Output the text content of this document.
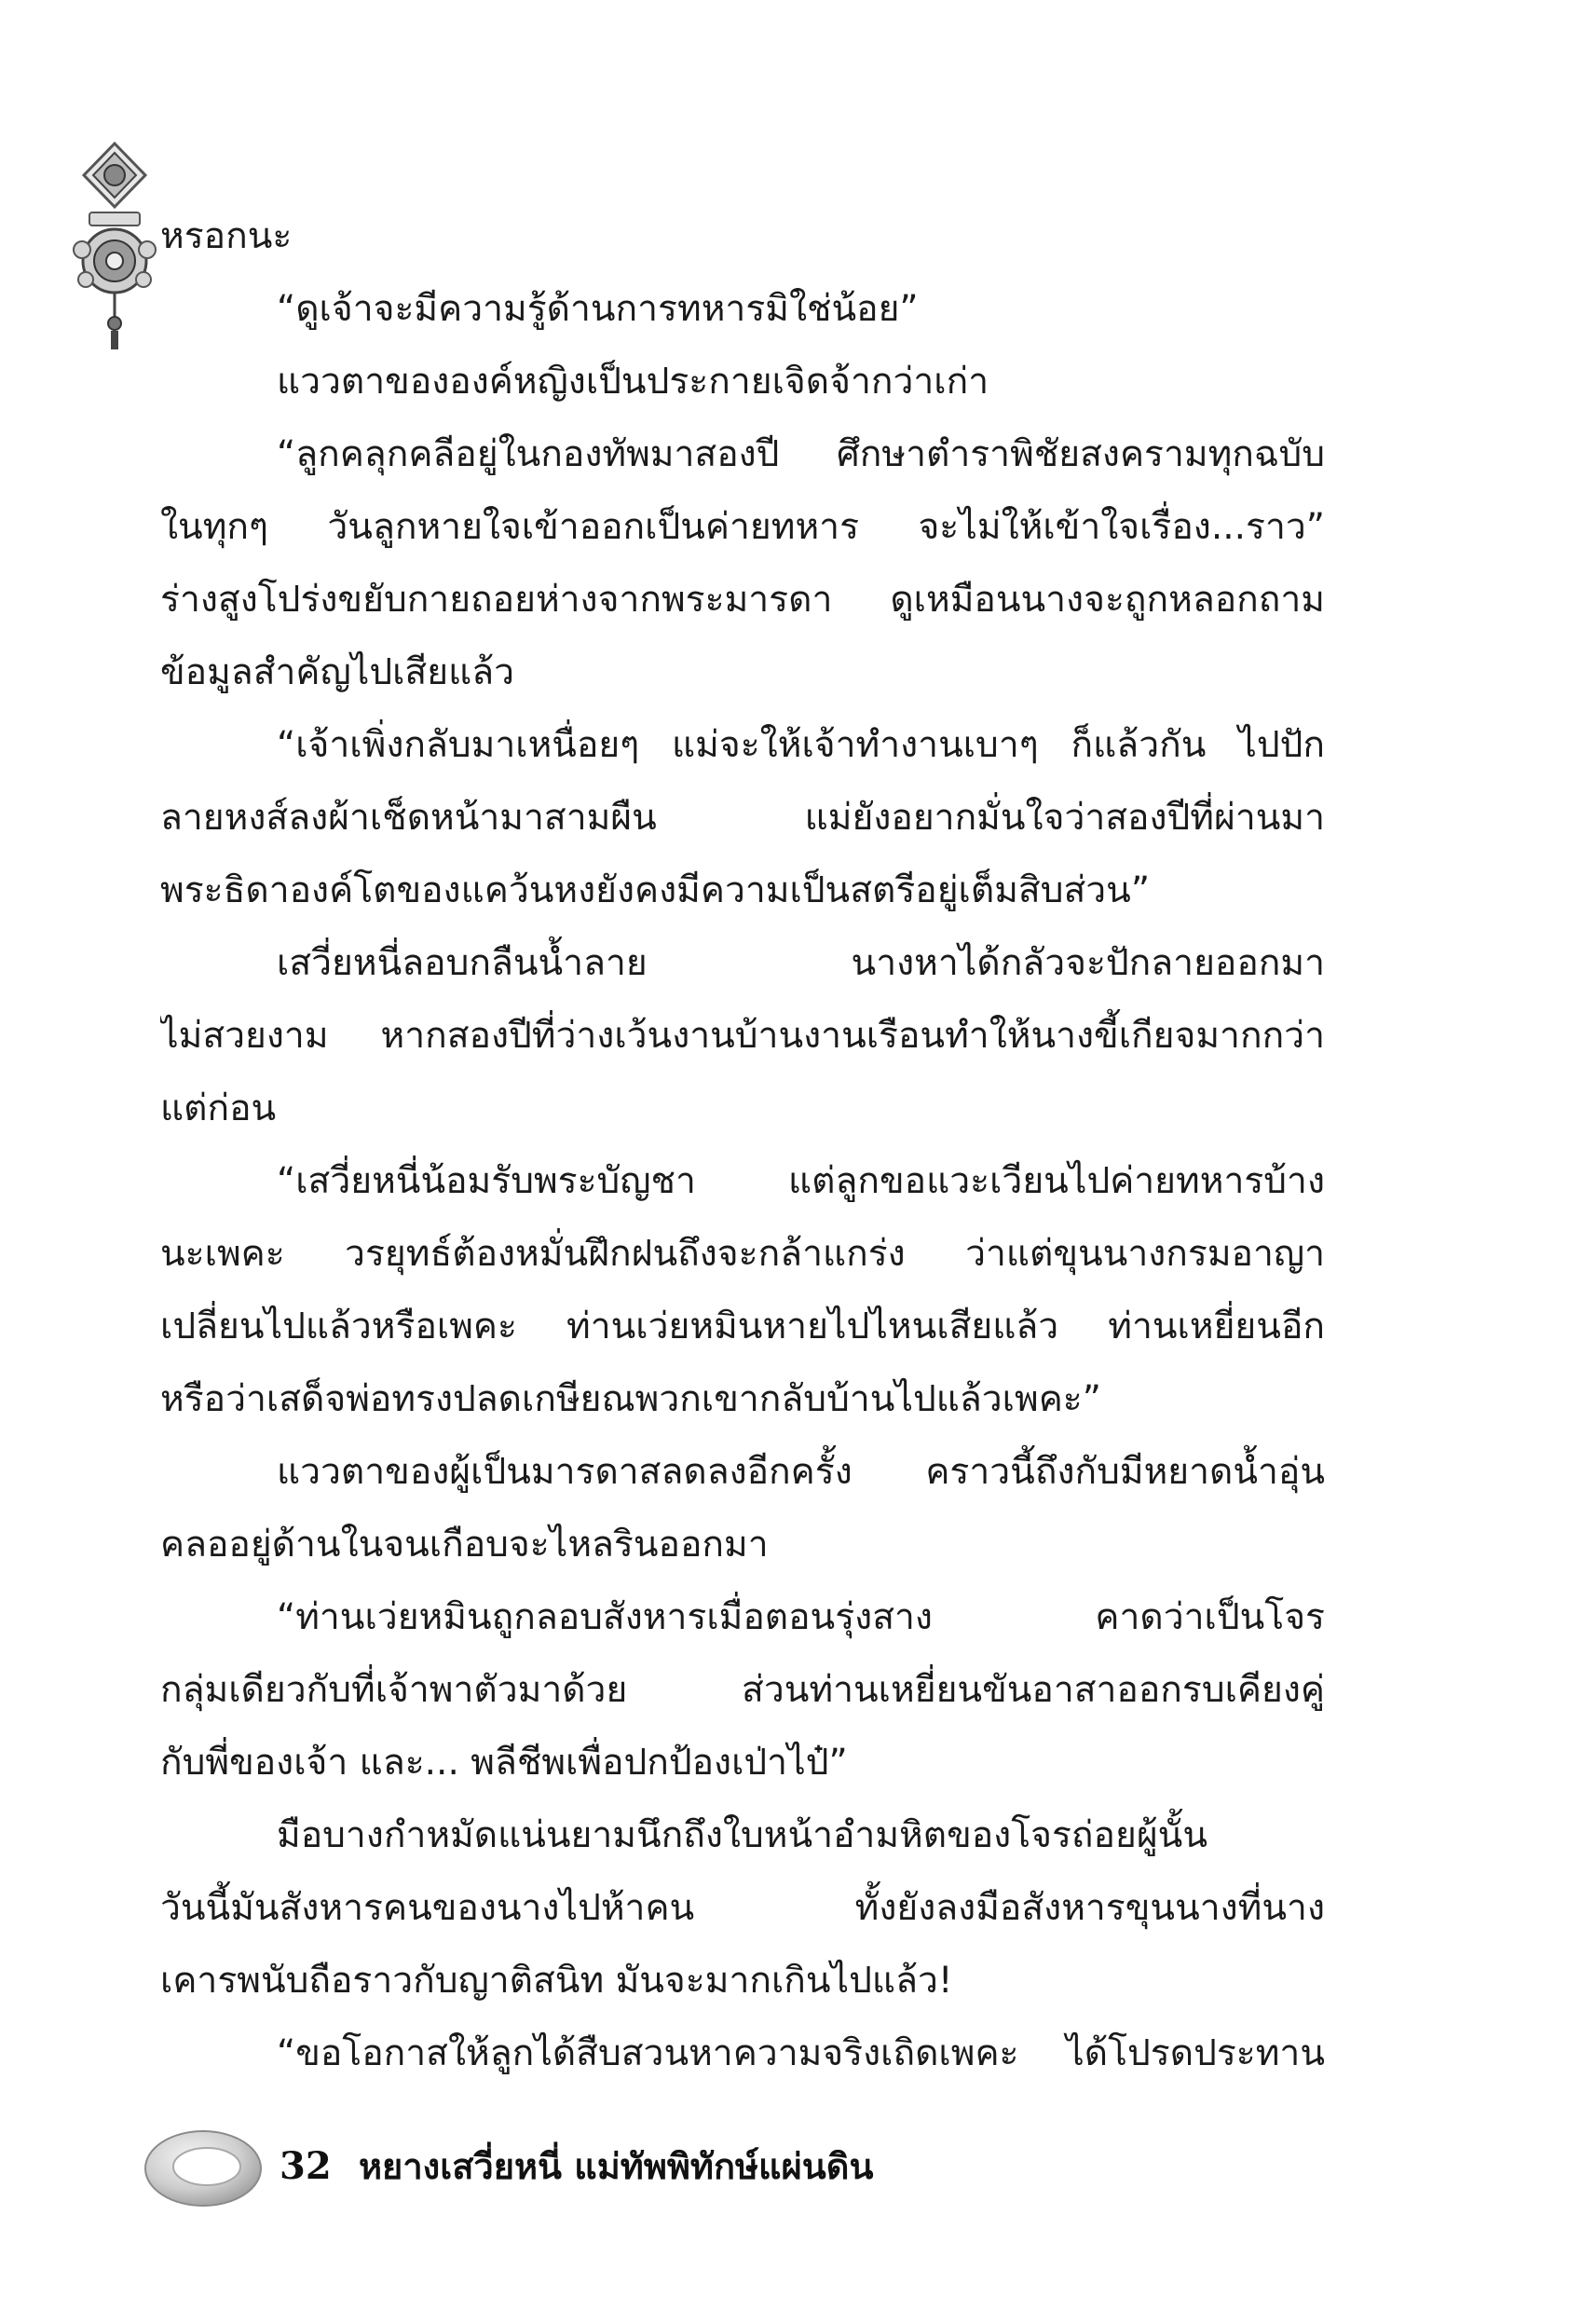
หรอกนะ
“ดูเจ้าจะมีความรู้ด้านการทหารมิใช่น้อย”
แววตาขององค์หญิงเป็นประกายเจิดจ้ากว่าเก่า
“ลูกคลุกคลีอยู่ในกองทัพมาสองปี ศึกษาตำราพิชัยสงครามทุกฉบับ
ในทุกๆ วันลูกหายใจเข้าออกเป็นค่ายทหาร จะไม่ให้เข้าใจเรื่อง...ราว”
ร่างสูงโปร่งขยับกายถอยห่างจากพระมารดา ดูเหมือนนางจะถูกหลอกถาม
ข้อมูลสำคัญไปเสียแล้ว
“เจ้าเพิ่งกลับมาเหนื่อยๆ แม่จะให้เจ้าทำงานเบาๆ ก็แล้วกัน ไปปัก
ลายหงส์ลงผ้าเช็ดหน้ามาสามผืน แม่ยังอยากมั่นใจว่าสองปีที่ผ่านมา
พระธิดาองค์โตของแคว้นหงยังคงมีความเป็นสตรีอยู่เต็มสิบส่วน”
เสวี่ยหนี่ลอบกลืนน้ำลาย นางหาได้กลัวจะปักลายออกมา
ไม่สวยงาม หากสองปีที่ว่างเว้นงานบ้านงานเรือนทำให้นางขี้เกียจมากกว่า
แต่ก่อน
“เสวี่ยหนี่น้อมรับพระบัญชา แต่ลูกขอแวะเวียนไปค่ายทหารบ้าง
นะเพคะ วรยุทธ์ต้องหมั่นฝึกฝนถึงจะกล้าแกร่ง ว่าแต่ขุนนางกรมอาญา
เปลี่ยนไปแล้วหรือเพคะ ท่านเว่ยหมินหายไปไหนเสียแล้ว ท่านเหยี่ยนอีก
หรือว่าเสด็จพ่อทรงปลดเกษียณพวกเขากลับบ้านไปแล้วเพคะ”
แววตาของผู้เป็นมารดาสลดลงอีกครั้ง คราวนี้ถึงกับมีหยาดน้ำอุ่น
คลออยู่ด้านในจนเกือบจะไหลรินออกมา
“ท่านเว่ยหมินถูกลอบสังหารเมื่อตอนรุ่งสาง คาดว่าเป็นโจร
กลุ่มเดียวกับที่เจ้าพาตัวมาด้วย ส่วนท่านเหยี่ยนขันอาสาออกรบเคียงคู่
กับพี่ของเจ้า และ... พลีชีพเพื่อปกป้องเป่าไป๋”
มือบางกำหมัดแน่นยามนึกถึงใบหน้าอำมหิตของโจรถ่อยผู้นั้น
วันนี้มันสังหารคนของนางไปห้าคน ทั้งยังลงมือสังหารขุนนางที่นาง
เคารพนับถือราวกับญาติสนิท มันจะมากเกินไปแล้ว!
“ขอโอกาสให้ลูกได้สืบสวนหาความจริงเถิดเพคะ ได้โปรดประทาน
32 หยางเสวี่ยหนี่ แม่ทัพพิทักษ์แผ่นดิน
